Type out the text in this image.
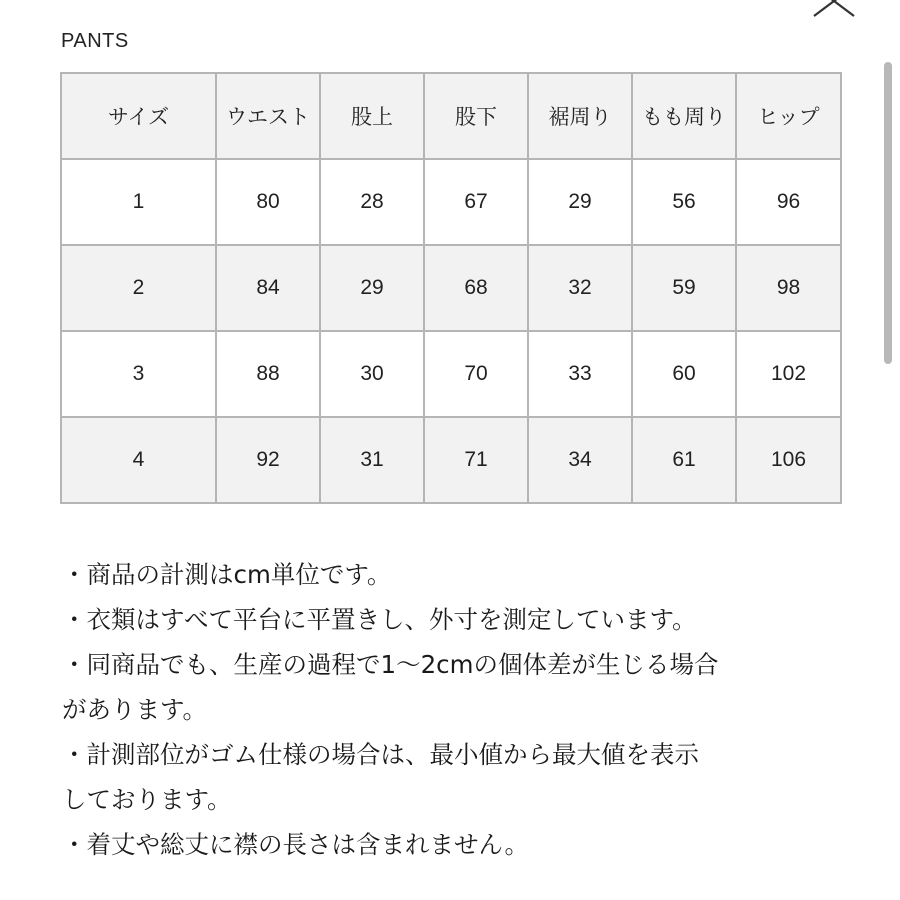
PANTS
サイズ	ウエスト	股上	股下	裾周り	もも周り	ヒップ
1	80	28	67	29	56	96
2	84	29	68	32	59	98
3	88	30	70	33	60	102
4	92	31	71	34	61	106
・商品の計測はcm単位です。
・衣類はすべて平台に平置きし、外寸を測定しています。
・同商品でも、生産の過程で1〜2cmの個体差が生じる場合
があります。
・計測部位がゴム仕様の場合は、最小値から最大値を表示
しております。
・着丈や総丈に襟の長さは含まれません。
